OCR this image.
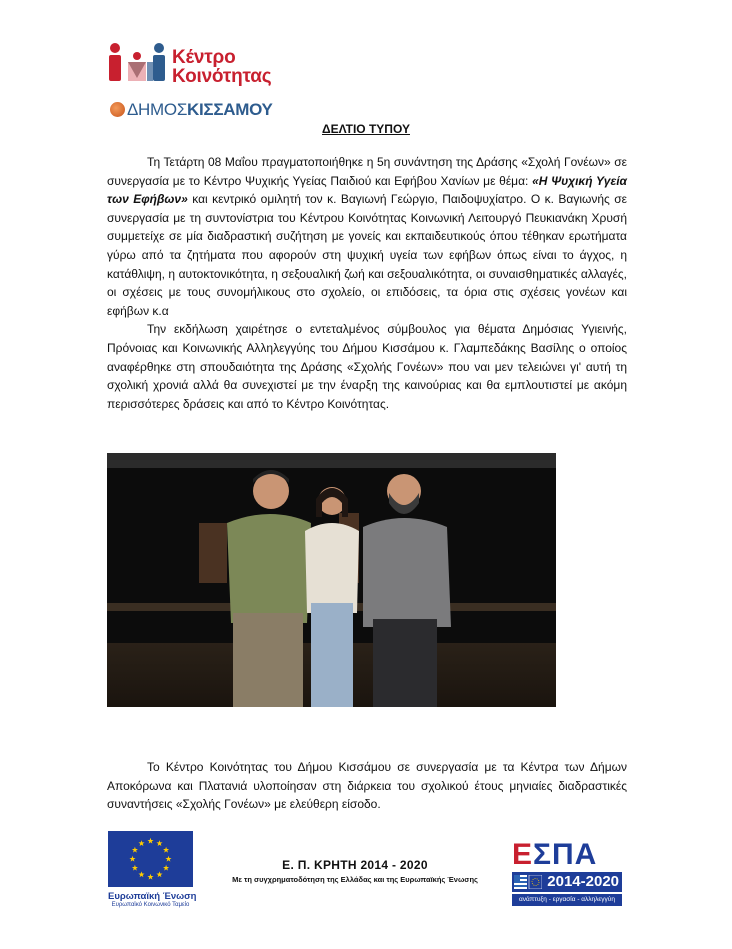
Κέντρο
Κοινότητας
ΔΗΜΟΣΚΙΣΣΑΜΟΥ
ΔΕΛΤΙΟ ΤΥΠΟΥ

Τη Τετάρτη 08 Μαΐου πραγματοποιήθηκε η 5η συνάντηση της Δράσης «Σχολή Γονέων» σε συνεργασία με το Κέντρο Ψυχικής Υγείας Παιδιού και Εφήβου Χανίων με θέμα: «Η Ψυχική Υγεία των Εφήβων» και κεντρικό ομιλητή τον κ. Βαγιωνή Γεώργιο, Παιδοψυχίατρο. Ο κ. Βαγιωνής σε συνεργασία με τη συντονίστρια του Κέντρου Κοινότητας Κοινωνική Λειτουργό Πευκιανάκη Χρυσή συμμετείχε σε μία διαδραστική συζήτηση με γονείς και εκπαιδευτικούς όπου τέθηκαν ερωτήματα γύρω από τα ζητήματα που αφορούν στη ψυχική υγεία των εφήβων όπως είναι το άγχος, η κατάθλιψη, η αυτοκτονικότητα, η σεξουαλική ζωή και σεξουαλικότητα, οι συναισθηματικές αλλαγές, οι σχέσεις με τους συνομήλικους στο σχολείο, οι επιδόσεις, τα όρια στις σχέσεις γονέων και εφήβων κ.α

Την εκδήλωση χαιρέτησε ο εντεταλμένος σύμβουλος για θέματα Δημόσιας Υγιεινής, Πρόνοιας και Κοινωνικής Αλληλεγγύης του Δήμου Κισσάμου κ. Γλαμπεδάκης Βασίλης ο οποίος αναφέρθηκε στη σπουδαιότητα της Δράσης «Σχολής Γονέων» που ναι μεν τελειώνει γι' αυτή τη σχολική χρονιά αλλά θα συνεχιστεί με την έναρξη της καινούριας και θα εμπλουτιστεί με ακόμη περισσότερες δράσεις και από το Κέντρο Κοινότητας.

Το Κέντρο Κοινότητας του Δήμου Κισσάμου σε συνεργασία με τα Κέντρα των Δήμων Αποκόρωνα και Πλατανιά υλοποίησαν στη διάρκεια του σχολικού έτους μηνιαίες διαδραστικές συναντήσεις «Σχολής Γονέων» με ελεύθερη είσοδο.

Ευρωπαϊκή Ένωση
Ευρωπαϊκό Κοινωνικό Ταμείο
Ε. Π. ΚΡΗΤΗ 2014 - 2020
Με τη συγχρηματοδότηση της Ελλάδας και της Ευρωπαϊκής Ένωσης
ΕΣΠΑ
2014-2020
ανάπτυξη - εργασία - αλληλεγγύη
